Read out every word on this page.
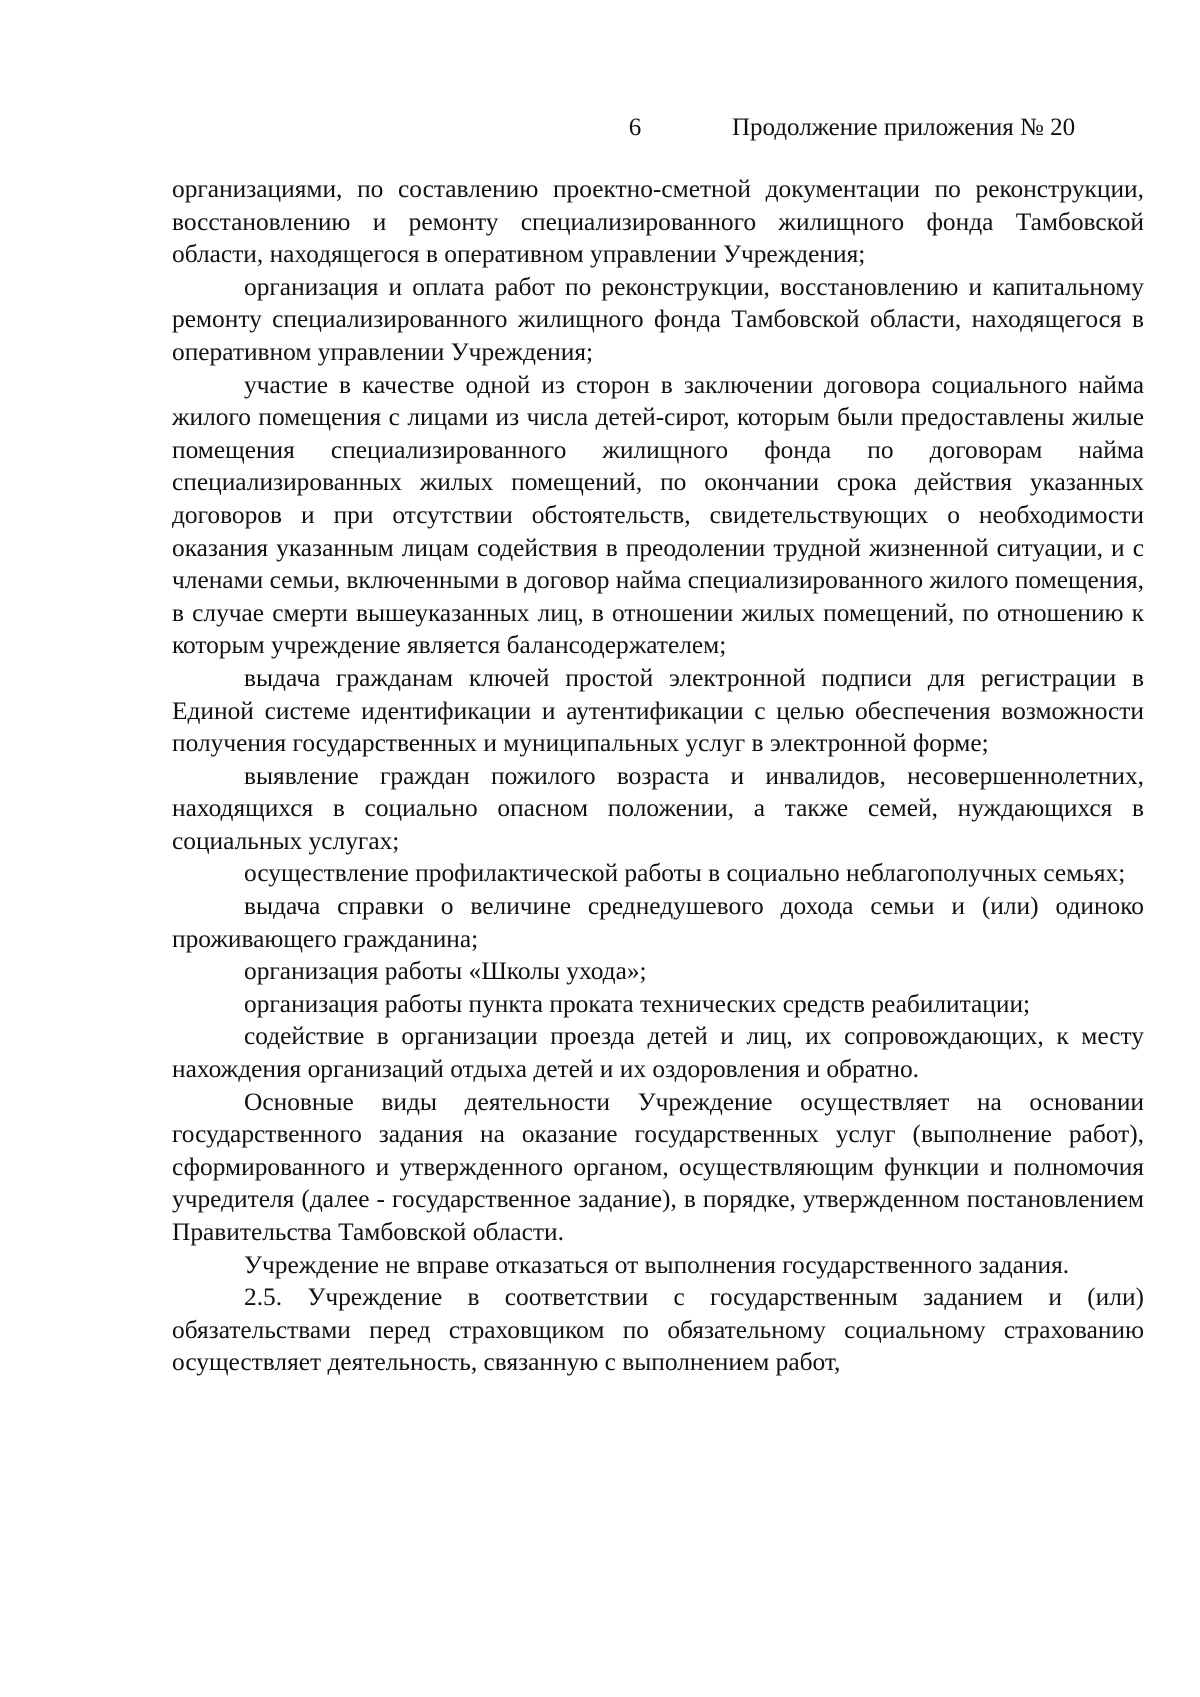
6	Продолжение приложения № 20

организациями, по составлению проектно-сметной документации по реконструкции, восстановлению и ремонту специализированного жилищного фонда Тамбовской области, находящегося в оперативном управлении Учреждения;

организация и оплата работ по реконструкции, восстановлению и капитальному ремонту специализированного жилищного фонда Тамбовской области, находящегося в оперативном управлении Учреждения;

участие в качестве одной из сторон в заключении договора социального найма жилого помещения с лицами из числа детей-сирот, которым были предоставлены жилые помещения специализированного жилищного фонда по договорам найма специализированных жилых помещений, по окончании срока действия указанных договоров и при отсутствии обстоятельств, свидетельствующих о необходимости оказания указанным лицам содействия в преодолении трудной жизненной ситуации, и с членами семьи, включенными в договор найма специализированного жилого помещения, в случае смерти вышеуказанных лиц, в отношении жилых помещений, по отношению к которым учреждение является балансодержателем;

выдача гражданам ключей простой электронной подписи для регистрации в Единой системе идентификации и аутентификации с целью обеспечения возможности получения государственных и муниципальных услуг в электронной форме;

выявление граждан пожилого возраста и инвалидов, несовершеннолетних, находящихся в социально опасном положении, а также семей, нуждающихся в социальных услугах;

осуществление профилактической работы в социально неблагополучных семьях;

выдача справки о величине среднедушевого дохода семьи и (или) одиноко проживающего гражданина;

организация работы «Школы ухода»;

организация работы пункта проката технических средств реабилитации;

содействие в организации проезда детей и лиц, их сопровождающих, к месту нахождения организаций отдыха детей и их оздоровления и обратно.

Основные виды деятельности Учреждение осуществляет на основании государственного задания на оказание государственных услуг (выполнение работ), сформированного и утвержденного органом, осуществляющим функции и полномочия учредителя (далее - государственное задание), в порядке, утвержденном постановлением Правительства Тамбовской области.

Учреждение не вправе отказаться от выполнения государственного задания.

2.5. Учреждение в соответствии с государственным заданием и (или) обязательствами перед страховщиком по обязательному социальному страхованию осуществляет деятельность, связанную с выполнением работ,
